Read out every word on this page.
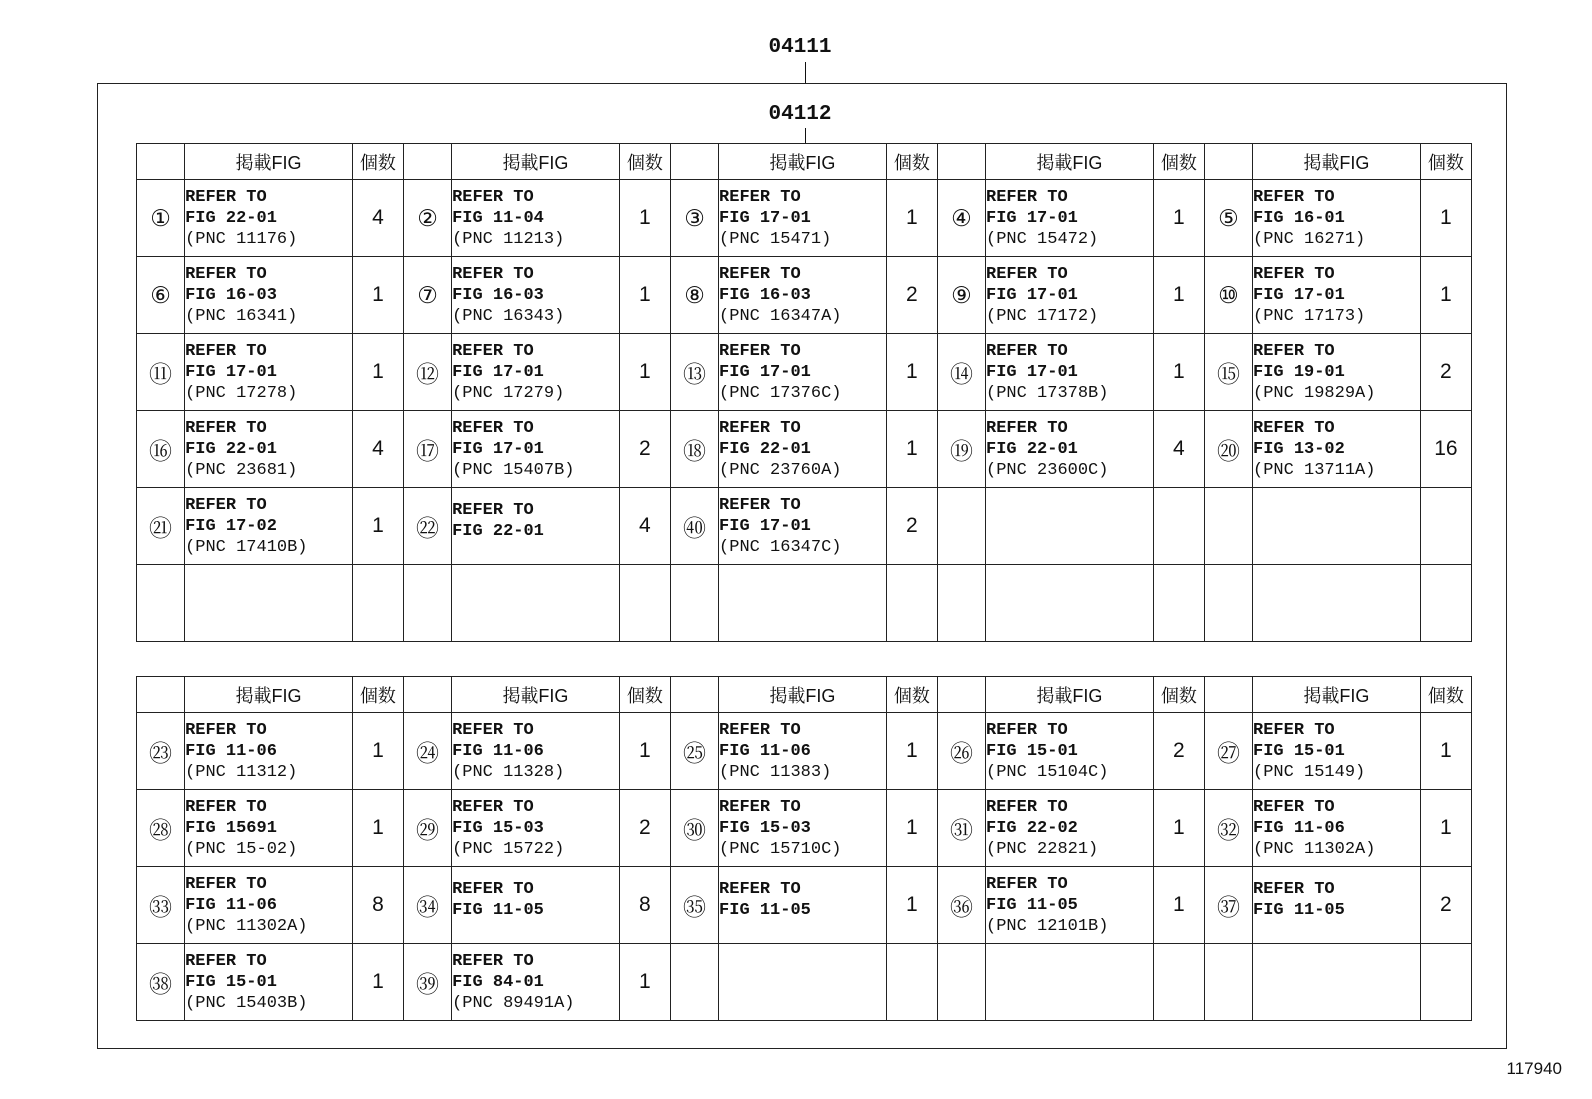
04111
04112
	掲載FIG	個数		掲載FIG	個数		掲載FIG	個数		掲載FIG	個数		掲載FIG	個数
①	REFER TO
FIG 22-01
(PNC 11176)	4	②	REFER TO
FIG 11-04
(PNC 11213)	1	③	REFER TO
FIG 17-01
(PNC 15471)	1	④	REFER TO
FIG 17-01
(PNC 15472)	1	⑤	REFER TO
FIG 16-01
(PNC 16271)	1
⑥	REFER TO
FIG 16-03
(PNC 16341)	1	⑦	REFER TO
FIG 16-03
(PNC 16343)	1	⑧	REFER TO
FIG 16-03
(PNC 16347A)	2	⑨	REFER TO
FIG 17-01
(PNC 17172)	1	⑩	REFER TO
FIG 17-01
(PNC 17173)	1
⑪	REFER TO
FIG 17-01
(PNC 17278)	1	⑫	REFER TO
FIG 17-01
(PNC 17279)	1	⑬	REFER TO
FIG 17-01
(PNC 17376C)	1	⑭	REFER TO
FIG 17-01
(PNC 17378B)	1	⑮	REFER TO
FIG 19-01
(PNC 19829A)	2
⑯	REFER TO
FIG 22-01
(PNC 23681)	4	⑰	REFER TO
FIG 17-01
(PNC 15407B)	2	⑱	REFER TO
FIG 22-01
(PNC 23760A)	1	⑲	REFER TO
FIG 22-01
(PNC 23600C)	4	⑳	REFER TO
FIG 13-02
(PNC 13711A)	16
㉑	REFER TO
FIG 17-02
(PNC 17410B)	1	㉒	REFER TO
FIG 22-01	4	㊵	REFER TO
FIG 17-01
(PNC 16347C)	2		

	掲載FIG	個数		掲載FIG	個数		掲載FIG	個数		掲載FIG	個数		掲載FIG	個数
㉓	REFER TO
FIG 11-06
(PNC 11312)	1	㉔	REFER TO
FIG 11-06
(PNC 11328)	1	㉕	REFER TO
FIG 11-06
(PNC 11383)	1	㉖	REFER TO
FIG 15-01
(PNC 15104C)	2	㉗	REFER TO
FIG 15-01
(PNC 15149)	1
㉘	REFER TO
FIG 15691
(PNC 15-02)	1	㉙	REFER TO
FIG 15-03
(PNC 15722)	2	㉚	REFER TO
FIG 15-03
(PNC 15710C)	1	㉛	REFER TO
FIG 22-02
(PNC 22821)	1	㉜	REFER TO
FIG 11-06
(PNC 11302A)	1
㉝	REFER TO
FIG 11-06
(PNC 11302A)	8	㉞	REFER TO
FIG 11-05	8	㉟	REFER TO
FIG 11-05	1	㊱	REFER TO
FIG 11-05
(PNC 12101B)	1	㊲	REFER TO
FIG 11-05	2
㊳	REFER TO
FIG 15-01
(PNC 15403B)	1	㊴	REFER TO
FIG 84-01
(PNC 89491A)	1		

117940
